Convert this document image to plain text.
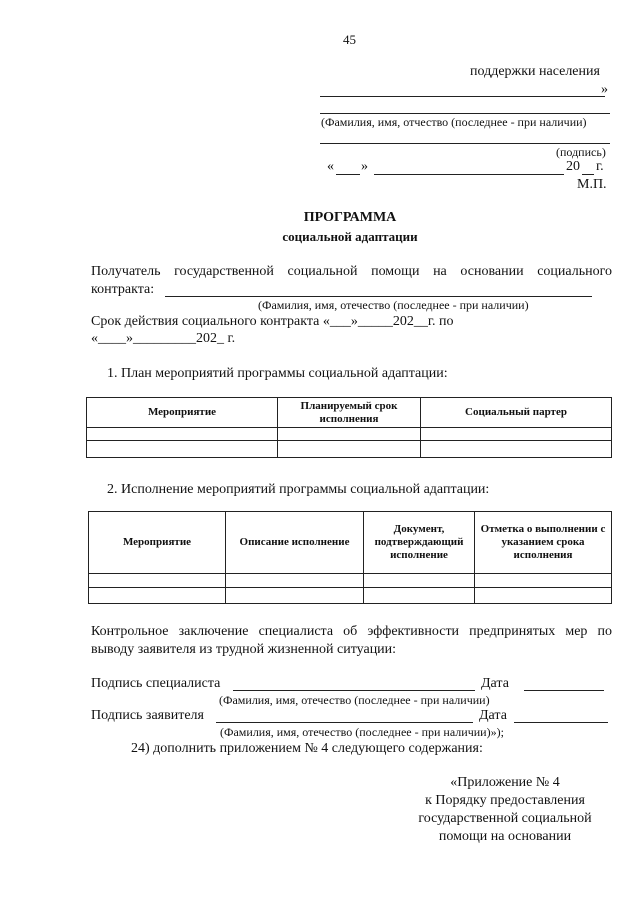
45
поддержки населения
»
(Фамилия, имя, отчество (последнее - при наличии)
(подпись)
« »	20 г.
М.П.
ПРОГРАММА
социальной адаптации
Получатель государственной социальной помощи на основании социального
контракта:
(Фамилия, имя, отечество (последнее - при наличии)
Срок действия социального контракта «___»_____202__г. по
«____»_________202_ г.
1. План мероприятий программы социальной адаптации:
Мероприятие	Планируемый срок исполнения	Социальный партер

2. Исполнение мероприятий программы социальной адаптации:
Мероприятие	Описание исполнение	Документ, подтверждающий исполнение	Отметка о выполнении с указанием срока исполнения

Контрольное заключение специалиста об эффективности предпринятых мер по
выводу заявителя из трудной жизненной ситуации:
Подпись специалиста	Дата
(Фамилия, имя, отечество (последнее - при наличии)
Подпись заявителя	Дата
(Фамилия, имя, отечество (последнее - при наличии)»);
24) дополнить приложением № 4 следующего содержания:
«Приложение № 4
к Порядку предоставления
государственной социальной
помощи на основании
